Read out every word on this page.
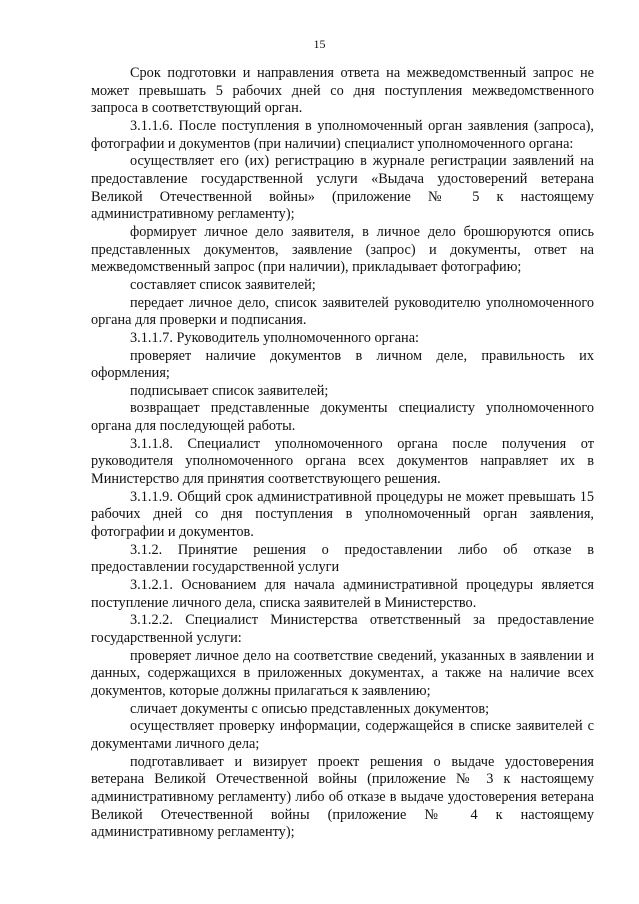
15

Срок подготовки и направления ответа на межведомственный запрос не может превышать 5 рабочих дней со дня поступления межведомственного запроса в соответствующий орган.

3.1.1.6. После поступления в уполномоченный орган заявления (запроса), фотографии и документов (при наличии) специалист уполномоченного органа:

осуществляет его (их) регистрацию в журнале регистрации заявлений на предоставление государственной услуги «Выдача удостоверений ветерана Великой Отечественной войны» (приложение № 5 к настоящему административному регламенту);

формирует личное дело заявителя, в личное дело брошюруются опись представленных документов, заявление (запрос) и документы, ответ на межведомственный запрос (при наличии), прикладывает фотографию;

составляет список заявителей;

передает личное дело, список заявителей руководителю уполномоченного органа для проверки и подписания.

3.1.1.7. Руководитель уполномоченного органа:

проверяет наличие документов в личном деле, правильность их оформления;

подписывает список заявителей;

возвращает представленные документы специалисту уполномоченного органа для последующей работы.

3.1.1.8. Специалист уполномоченного органа после получения от руководителя уполномоченного органа всех документов направляет их в Министерство для принятия соответствующего решения.

3.1.1.9. Общий срок административной процедуры не может превышать 15 рабочих дней со дня поступления в уполномоченный орган заявления, фотографии и документов.

3.1.2. Принятие решения о предоставлении либо об отказе в предоставлении государственной услуги

3.1.2.1. Основанием для начала административной процедуры является поступление личного дела, списка заявителей в Министерство.

3.1.2.2. Специалист Министерства ответственный за предоставление государственной услуги:

проверяет личное дело на соответствие сведений, указанных в заявлении и данных, содержащихся в приложенных документах, а также на наличие всех документов, которые должны прилагаться к заявлению;

сличает документы с описью представленных документов;

осуществляет проверку информации, содержащейся в списке заявителей с документами личного дела;

подготавливает и визирует проект решения о выдаче удостоверения ветерана Великой Отечественной войны (приложение № 3 к настоящему административному регламенту) либо об отказе в выдаче удостоверения ветерана Великой Отечественной войны (приложение № 4 к настоящему административному регламенту);
